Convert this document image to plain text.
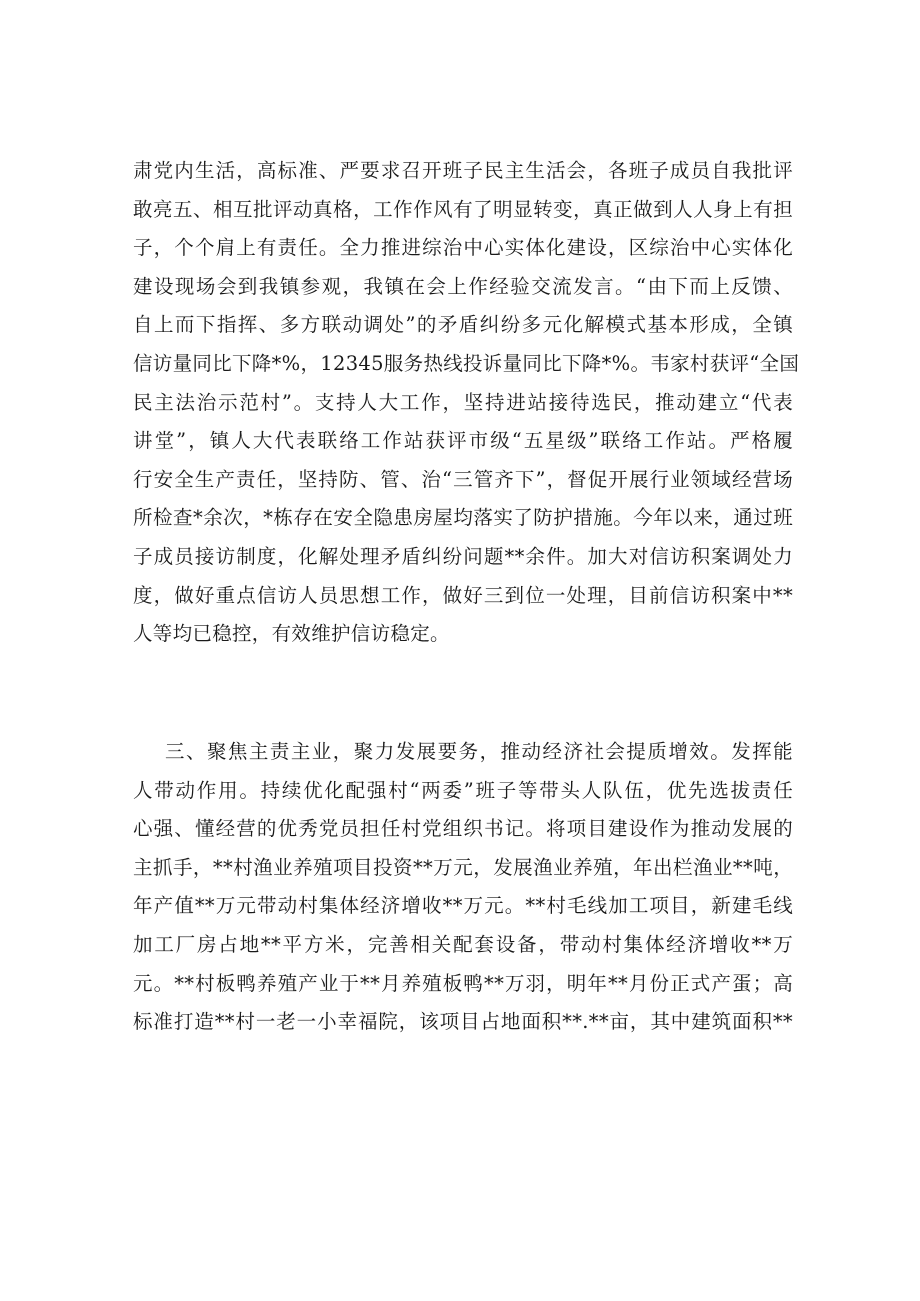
肃党内生活，高标准、严要求召开班子民主生活会，各班子成员自我批评
敢亮五、相互批评动真格，工作作风有了明显转变，真正做到人人身上有担
子，个个肩上有责任。全力推进综治中心实体化建设，区综治中心实体化
建设现场会到我镇参观，我镇在会上作经验交流发言。“由下而上反馈、
自上而下指挥、多方联动调处”的矛盾纠纷多元化解模式基本形成，全镇
信访量同比下降*%，12345服务热线投诉量同比下降*%。韦家村获评“全国
民主法治示范村”。支持人大工作，坚持进站接待选民，推动建立“代表
讲堂”，镇人大代表联络工作站获评市级“五星级”联络工作站。严格履
行安全生产责任，坚持防、管、治“三管齐下”，督促开展行业领域经营场
所检查*余次，*栋存在安全隐患房屋均落实了防护措施。今年以来，通过班
子成员接访制度，化解处理矛盾纠纷问题**余件。加大对信访积案调处力
度，做好重点信访人员思想工作，做好三到位一处理，目前信访积案中**
人等均已稳控，有效维护信访稳定。

三、聚焦主责主业，聚力发展要务，推动经济社会提质增效。发挥能
人带动作用。持续优化配强村“两委”班子等带头人队伍，优先选拔责任
心强、懂经营的优秀党员担任村党组织书记。将项目建设作为推动发展的
主抓手，**村渔业养殖项目投资**万元，发展渔业养殖，年出栏渔业**吨，
年产值**万元带动村集体经济增收**万元。**村毛线加工项目，新建毛线
加工厂房占地**平方米，完善相关配套设备，带动村集体经济增收**万
元。**村板鸭养殖产业于**月养殖板鸭**万羽，明年**月份正式产蛋；高
标准打造**村一老一小幸福院，该项目占地面积**.**亩，其中建筑面积**
